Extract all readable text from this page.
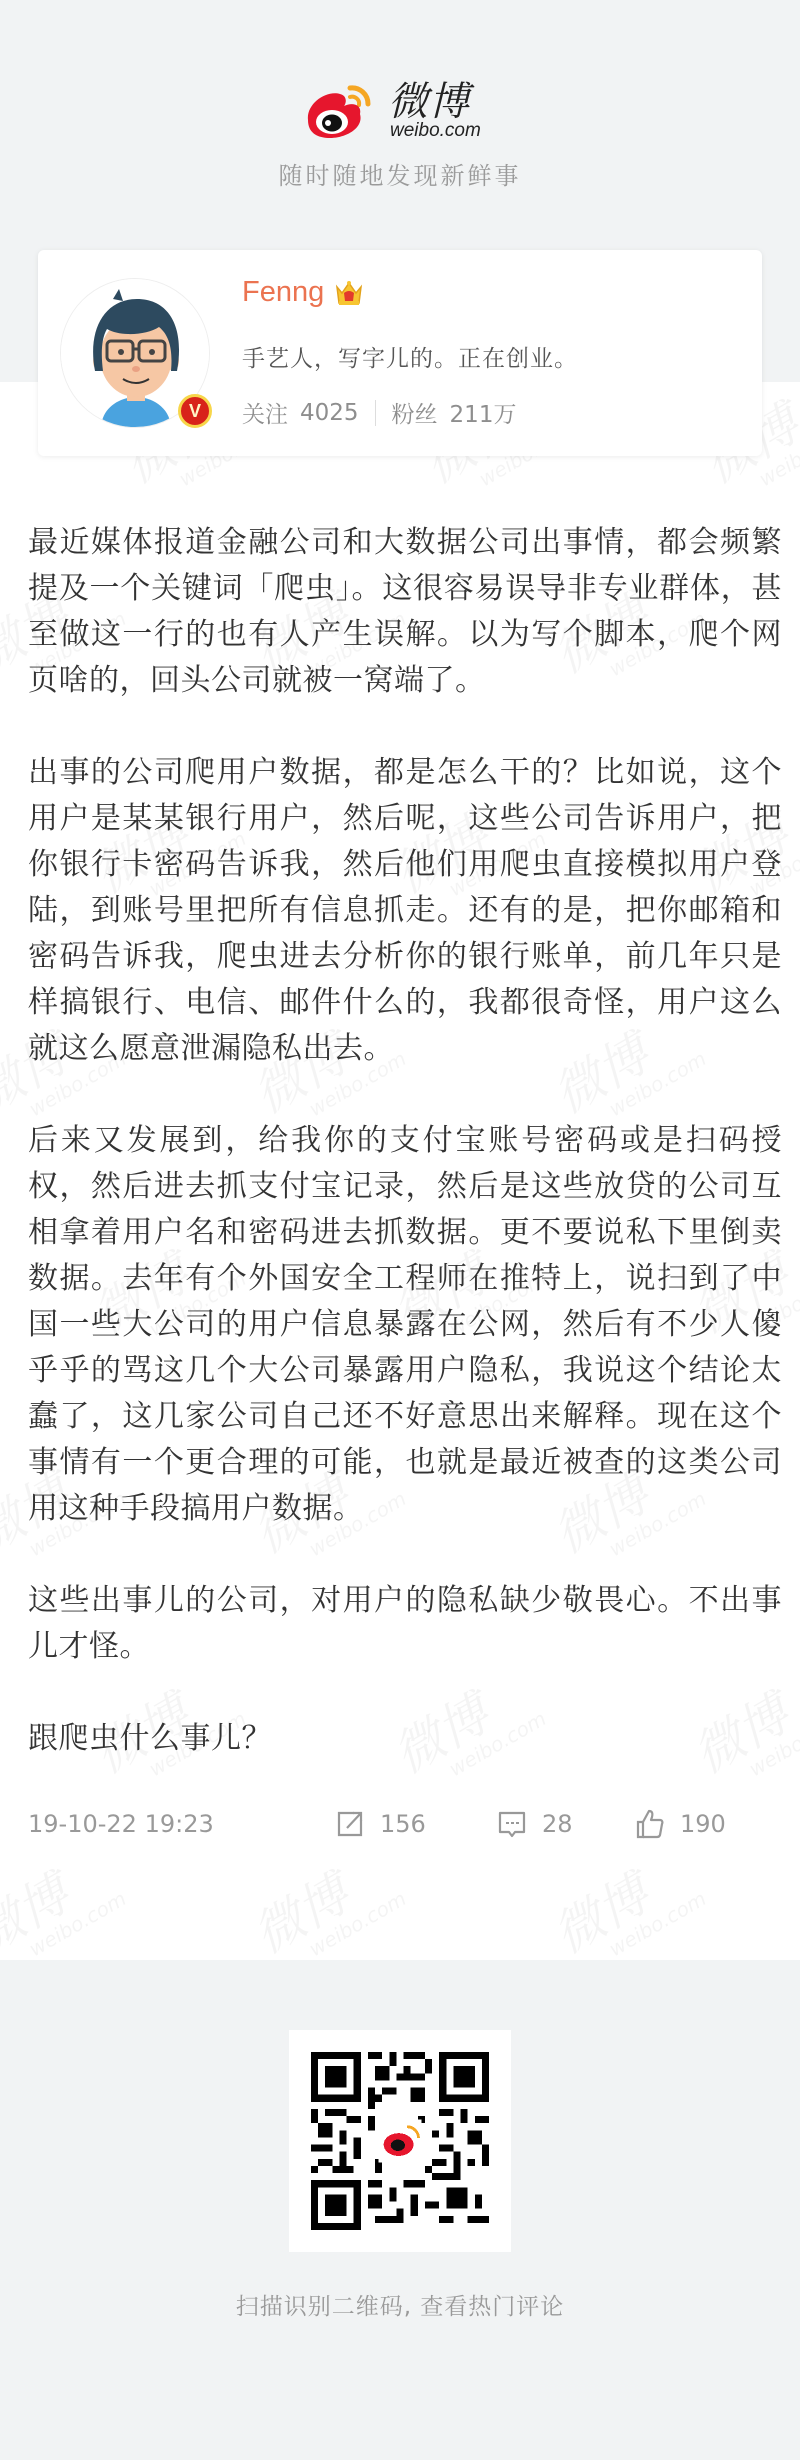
微博
weibo.com
随时随地发现新鲜事
V
Fenng
手艺人，写字儿的。正在创业。
关注 4025 粉丝 211万

最近媒体报道金融公司和大数据公司出事情，都会频繁提及一个关键词「爬虫」。这很容易误导非专业群体，甚至做这一行的也有人产生误解。以为写个脚本，爬个网页啥的，回头公司就被一窝端了。

出事的公司爬用户数据，都是怎么干的？比如说，这个用户是某某银行用户，然后呢，这些公司告诉用户，把你银行卡密码告诉我，然后他们用爬虫直接模拟用户登陆，到账号里把所有信息抓走。还有的是，把你邮箱和密码告诉我，爬虫进去分析你的银行账单，前几年只是样搞银行、电信、邮件什么的，我都很奇怪，用户这么就这么愿意泄漏隐私出去。

后来又发展到，给我你的支付宝账号密码或是扫码授权，然后进去抓支付宝记录，然后是这些放贷的公司互相拿着用户名和密码进去抓数据。更不要说私下里倒卖数据。去年有个外国安全工程师在推特上，说扫到了中国一些大公司的用户信息暴露在公网，然后有不少人傻乎乎的骂这几个大公司暴露用户隐私，我说这个结论太蠢了，这几家公司自己还不好意思出来解释。现在这个事情有一个更合理的可能，也就是最近被查的这类公司用这种手段搞用户数据。

这些出事儿的公司，对用户的隐私缺少敬畏心。不出事儿才怪。

跟爬虫什么事儿？

19-10-22 19:23	156	28	190
扫描识别二维码, 查看热门评论
